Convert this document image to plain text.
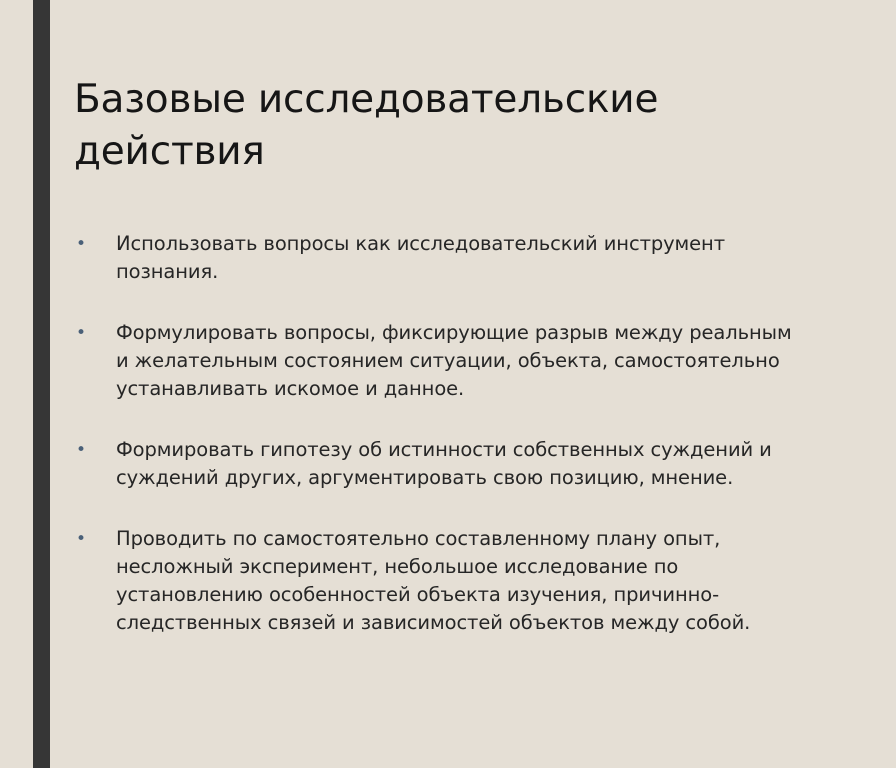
Базовые исследовательские
действия
• Использовать вопросы как исследовательский инструмент познания.
• Формулировать вопросы, фиксирующие разрыв между реальным и желательным состоянием ситуации, объекта, самостоятельно устанавливать искомое и данное.
• Формировать гипотезу об истинности собственных суждений и суждений других, аргументировать свою позицию, мнение.
• Проводить по самостоятельно составленному плану опыт, несложный эксперимент, небольшое исследование по установлению особенностей объекта изучения, причинно-следственных связей и зависимостей объектов между собой.
